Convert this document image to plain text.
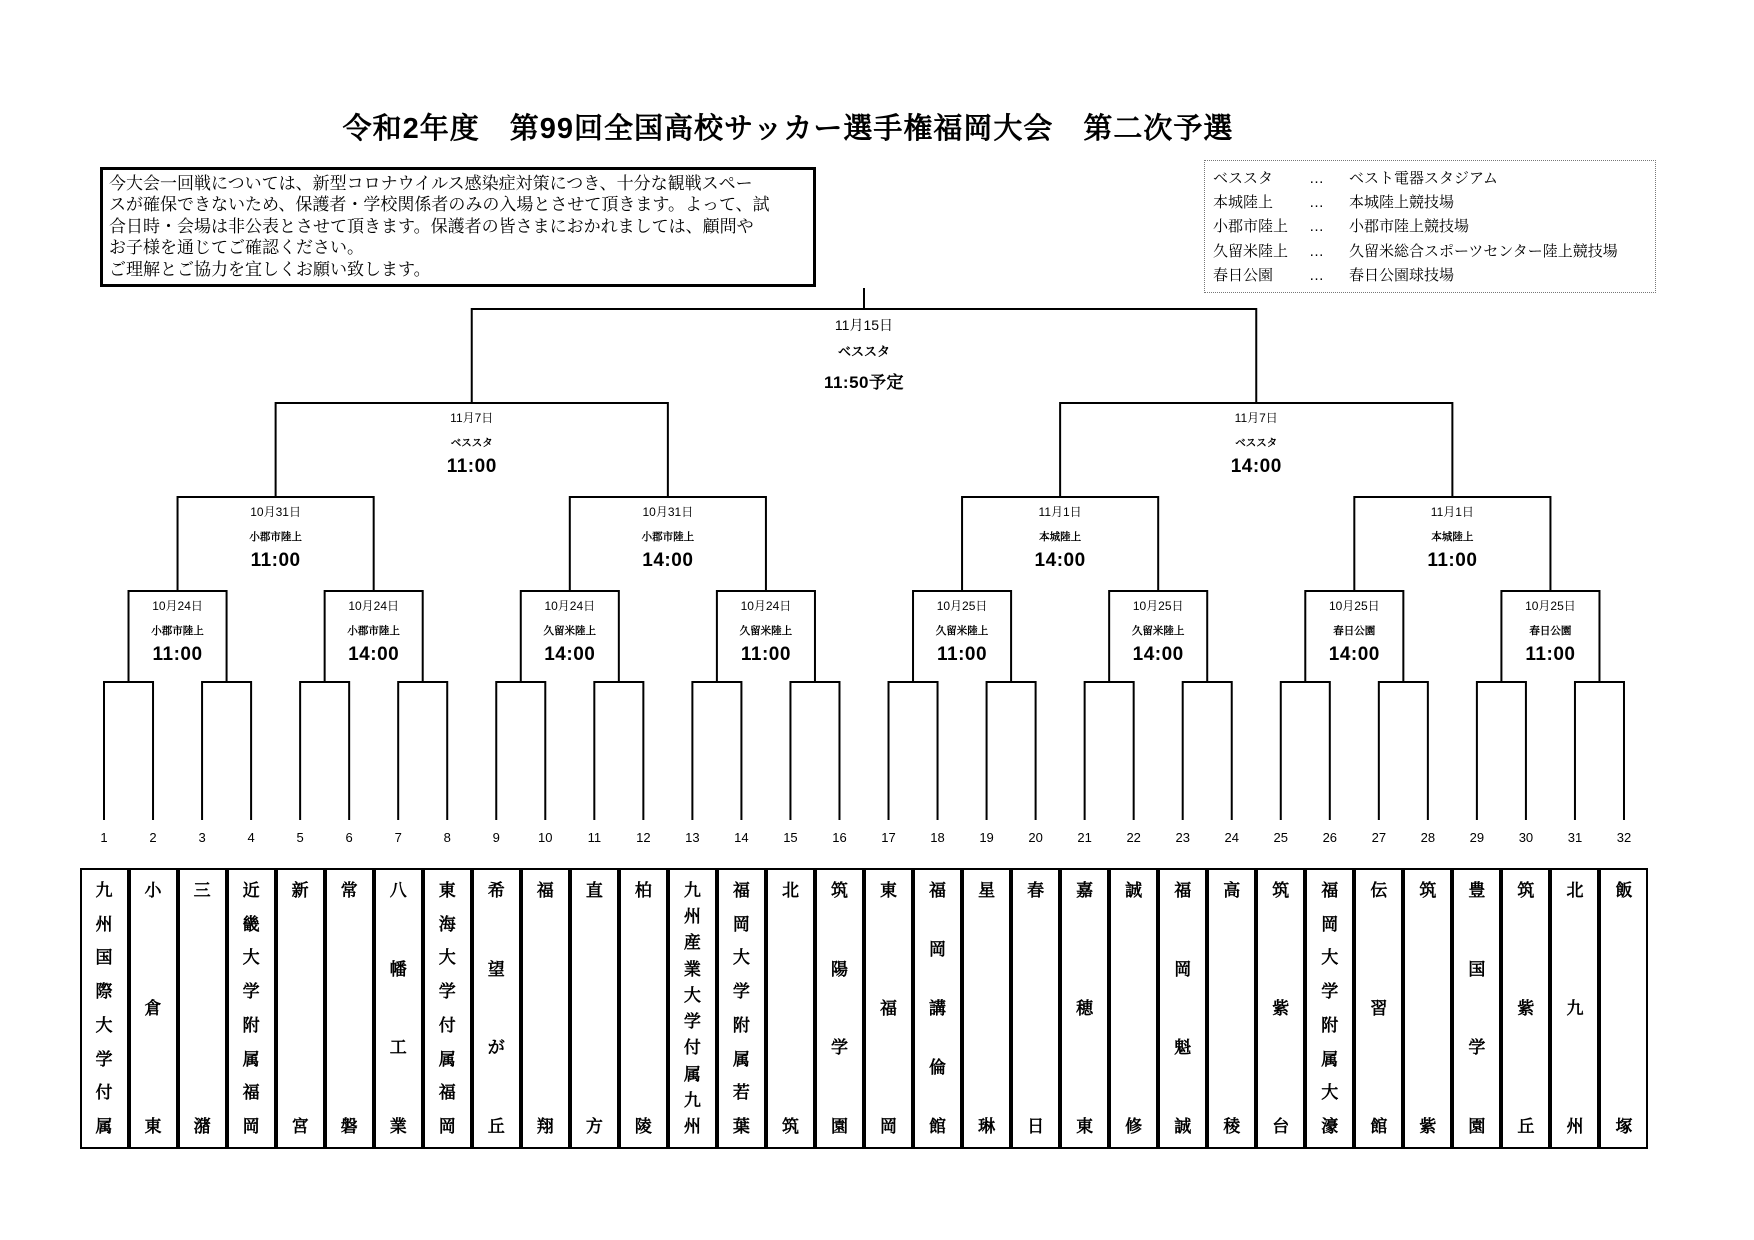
令和2年度　第99回全国高校サッカー選手権福岡大会　第二次予選
今大会一回戦については、新型コロナウイルス感染症対策につき、十分な観戦スペー
スが確保できないため、保護者・学校関係者のみの入場とさせて頂きます。よって、試
合日時・会場は非公表とさせて頂きます。保護者の皆さまにおかれましては、顧問や
お子様を通じてご確認ください。
ご理解とご協力を宜しくお願い致します。
ベススタ	…	ベスト電器スタジアム
本城陸上	…	本城陸上競技場
小郡市陸上	…	小郡市陸上競技場
久留米陸上	…	久留米総合スポーツセンター陸上競技場
春日公園	…	春日公園球技場
10月24日
小郡市陸上
11:00
10月24日
小郡市陸上
14:00
10月24日
久留米陸上
14:00
10月24日
久留米陸上
11:00
10月25日
久留米陸上
11:00
10月25日
久留米陸上
14:00
10月25日
春日公園
14:00
10月25日
春日公園
11:00
10月31日
小郡市陸上
11:00
10月31日
小郡市陸上
14:00
11月1日
本城陸上
14:00
11月1日
本城陸上
11:00
11月7日
ベススタ
11:00
11月7日
ベススタ
14:00
11月15日
ベススタ
11:50予定
1	2	3	4	5	6	7	8	9	10	11	12	13	14	15	16	17	18	19	20	21	22	23	24	25	26	27	28	29	30	31	32
九
州
国
際
大
学
付
属
小
倉
東
三
潴
近
畿
大
学
附
属
福
岡
新
宮
常
磐
八
幡
工
業
東
海
大
学
付
属
福
岡
希
望
が
丘
福
翔
直
方
柏
陵
九
州
産
業
大
学
付
属
九
州
福
岡
大
学
附
属
若
葉
北
筑
筑
陽
学
園
東
福
岡
福
岡
講
倫
館
星
琳
春
日
嘉
穂
東
誠
修
福
岡
魁
誠
高
稜
筑
紫
台
福
岡
大
学
附
属
大
濠
伝
習
館
筑
紫
豊
国
学
園
筑
紫
丘
北
九
州
飯
塚
